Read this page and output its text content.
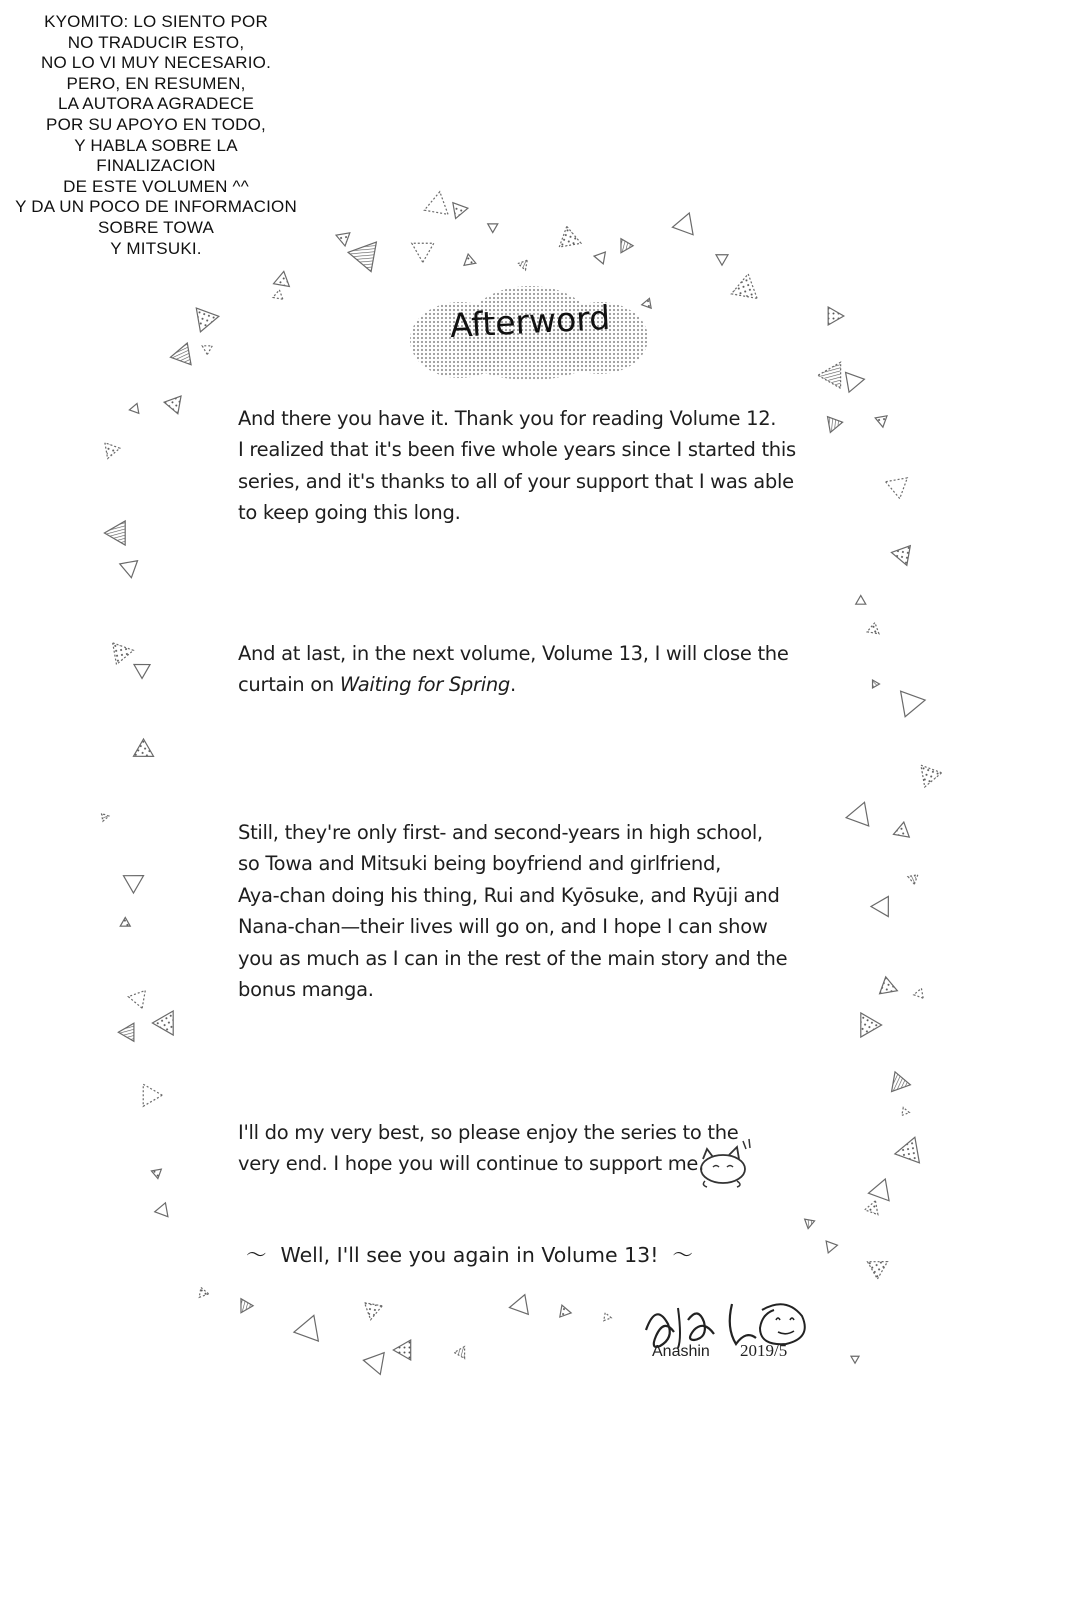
KYOMITO: LO SIENTO POR
NO TRADUCIR ESTO,
NO LO VI MUY NECESARIO.
PERO, EN RESUMEN,
LA AUTORA AGRADECE
POR SU APOYO EN TODO,
Y HABLA SOBRE LA
FINALIZACION
DE ESTE VOLUMEN ^^
Y DA UN POCO DE INFORMACION
SOBRE TOWA
Y MITSUKI.
Afterword
And there you have it. Thank you for reading Volume 12.
I realized that it's been five whole years since I started this
series, and it's thanks to all of your support that I was able
to keep going this long.
And at last, in the next volume, Volume 13, I will close the
curtain on Waiting for Spring.
Still, they're only first- and second-years in high school,
so Towa and Mitsuki being boyfriend and girlfriend,
Aya-chan doing his thing, Rui and Kyōsuke, and Ryūji and
Nana-chan—their lives will go on, and I hope I can show
you as much as I can in the rest of the main story and the
bonus manga.
I'll do my very best, so please enjoy the series to the
very end. I hope you will continue to support me.
〜 Well, I'll see you again in Volume 13! 〜
Anashin 2019/5
